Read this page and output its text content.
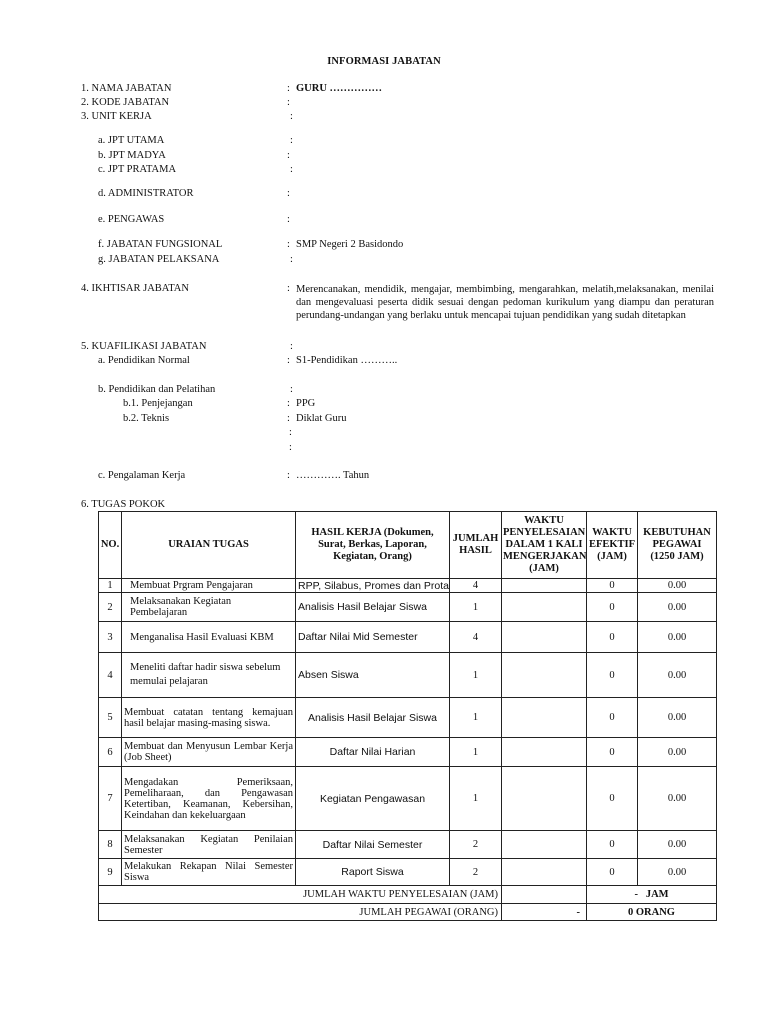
INFORMASI JABATAN
1. NAMA JABATAN	: GURU ……………
2. KODE JABATAN	:
3. UNIT KERJA	:
a. JPT UTAMA	:
b. JPT MADYA	:
c. JPT PRATAMA	:
d. ADMINISTRATOR	:
e. PENGAWAS	:
f. JABATAN FUNGSIONAL	: SMP Negeri 2 Basidondo
g. JABATAN PELAKSANA	:
4. IKHTISAR JABATAN	: Merencanakan, mendidik, mengajar, membimbing, mengarahkan, melatih,melaksanakan, menilai dan mengevaluasi peserta didik sesuai dengan pedoman kurikulum yang diampu dan peraturan perundang-undangan yang berlaku untuk mencapai tujuan pendidikan yang sudah ditetapkan
5. KUAFILIKASI JABATAN	:
a. Pendidikan Normal	: S1-Pendidikan ………..
b. Pendidikan dan Pelatihan	:
b.1. Penjejangan	: PPG
b.2. Teknis	: Diklat Guru
:
:
c. Pengalaman Kerja	: …………. Tahun
6. TUGAS POKOK
NO.	URAIAN TUGAS	HASIL KERJA (Dokumen, Surat, Berkas, Laporan, Kegiatan, Orang)	JUMLAH HASIL	WAKTU PENYELESAIAN DALAM 1 KALI MENGERJAKAN (JAM)	WAKTU EFEKTIF (JAM)	KEBUTUHAN PEGAWAI (1250 JAM)
1	Membuat Prgram Pengajaran	RPP, Silabus, Promes dan Prota	4		0	0.00
2	Melaksanakan Kegiatan Pembelajaran	Analisis Hasil Belajar Siswa	1		0	0.00
3	Menganalisa Hasil Evaluasi KBM	Daftar Nilai Mid Semester	4		0	0.00
4	Meneliti daftar hadir siswa sebelum memulai pelajaran	Absen Siswa	1		0	0.00
5	Membuat catatan tentang kemajuan hasil belajar masing-masing siswa.	Analisis Hasil Belajar Siswa	1		0	0.00
6	Membuat dan Menyusun Lembar Kerja (Job Sheet)	Daftar Nilai Harian	1		0	0.00
7	Mengadakan Pemeriksaan, Pemeliharaan, dan Pengawasan Ketertiban, Keamanan, Kebersihan, Keindahan dan kekeluargaan	Kegiatan Pengawasan	1		0	0.00
8	Melaksanakan Kegiatan Penilaian Semester	Daftar Nilai Semester	2		0	0.00
9	Melakukan Rekapan Nilai Semester Siswa	Raport Siswa	2		0	0.00
JUMLAH WAKTU PENYELESAIAN (JAM)					- JAM	
JUMLAH PEGAWAI (ORANG)				-	0 ORANG	
